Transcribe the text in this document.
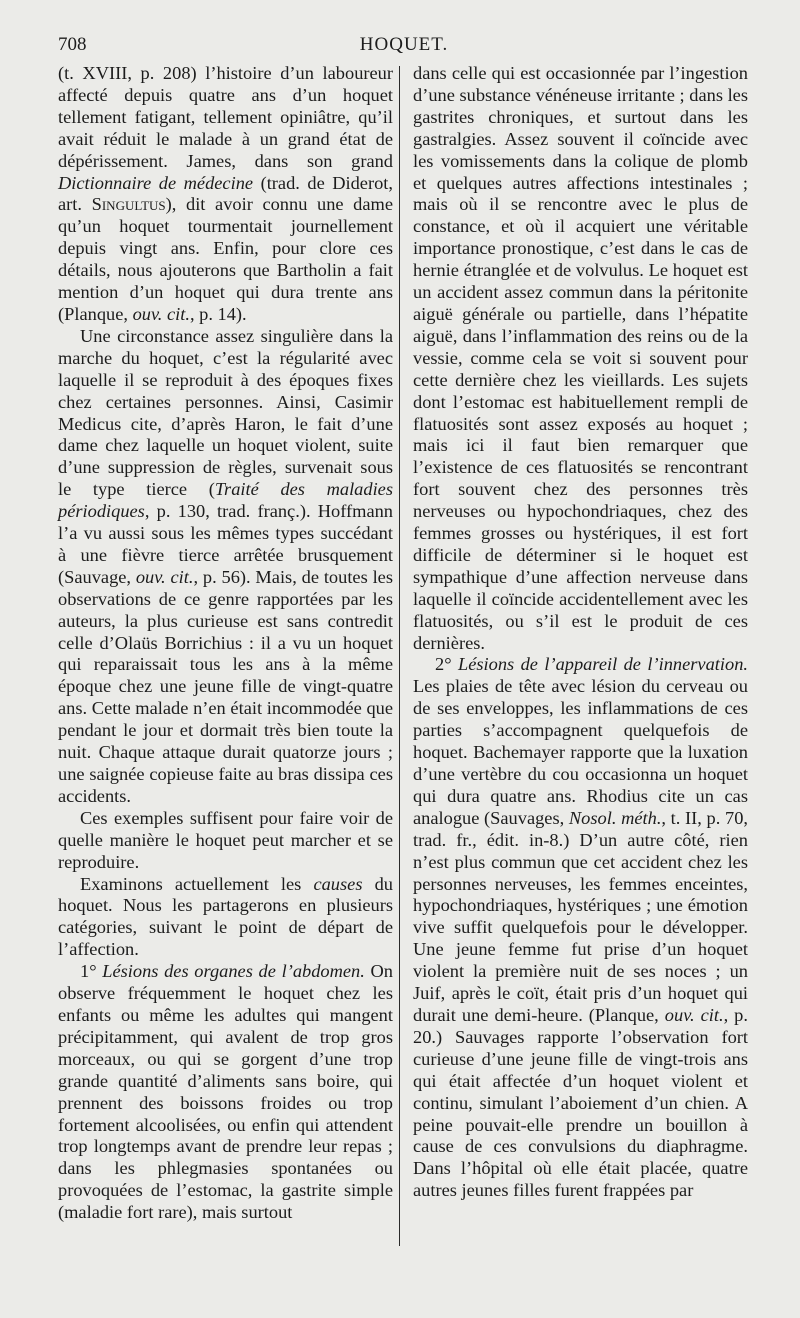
708	HOQUET.

(t. XVIII, p. 208) l’histoire d’un laboureur affecté depuis quatre ans d’un hoquet tellement fatigant, tellement opiniâtre, qu’il avait réduit le malade à un grand état de dépérissement. James, dans son grand Dictionnaire de médecine (trad. de Diderot, art. Singultus), dit avoir connu une dame qu’un hoquet tourmentait journellement depuis vingt ans. Enfin, pour clore ces détails, nous ajouterons que Bartholin a fait mention d’un hoquet qui dura trente ans (Planque, ouv. cit., p. 14).

Une circonstance assez singulière dans la marche du hoquet, c’est la régularité avec laquelle il se reproduit à des époques fixes chez certaines personnes. Ainsi, Casimir Medicus cite, d’après Haron, le fait d’une dame chez laquelle un hoquet violent, suite d’une suppression de règles, survenait sous le type tierce (Traité des maladies périodiques, p. 130, trad. franç.). Hoffmann l’a vu aussi sous les mêmes types succédant à une fièvre tierce arrêtée brusquement (Sauvage, ouv. cit., p. 56). Mais, de toutes les observations de ce genre rapportées par les auteurs, la plus curieuse est sans contredit celle d’Olaüs Borrichius : il a vu un hoquet qui reparaissait tous les ans à la même époque chez une jeune fille de vingt-quatre ans. Cette malade n’en était incommodée que pendant le jour et dormait très bien toute la nuit. Chaque attaque durait quatorze jours ; une saignée copieuse faite au bras dissipa ces accidents.

Ces exemples suffisent pour faire voir de quelle manière le hoquet peut marcher et se reproduire.

Examinons actuellement les causes du hoquet. Nous les partagerons en plusieurs catégories, suivant le point de départ de l’affection.

1° Lésions des organes de l’abdomen. On observe fréquemment le hoquet chez les enfants ou même les adultes qui mangent précipitamment, qui avalent de trop gros morceaux, ou qui se gorgent d’une trop grande quantité d’aliments sans boire, qui prennent des boissons froides ou trop fortement alcoolisées, ou enfin qui attendent trop longtemps avant de prendre leur repas ; dans les phlegmasies spontanées ou provoquées de l’estomac, la gastrite simple (maladie fort rare), mais surtout

dans celle qui est occasionnée par l’ingestion d’une substance vénéneuse irritante ; dans les gastrites chroniques, et surtout dans les gastralgies. Assez souvent il coïncide avec les vomissements dans la colique de plomb et quelques autres affections intestinales ; mais où il se rencontre avec le plus de constance, et où il acquiert une véritable importance pronostique, c’est dans le cas de hernie étranglée et de volvulus. Le hoquet est un accident assez commun dans la péritonite aiguë générale ou partielle, dans l’hépatite aiguë, dans l’inflammation des reins ou de la vessie, comme cela se voit si souvent pour cette dernière chez les vieillards. Les sujets dont l’estomac est habituellement rempli de flatuosités sont assez exposés au hoquet ; mais ici il faut bien remarquer que l’existence de ces flatuosités se rencontrant fort souvent chez des personnes très nerveuses ou hypochondriaques, chez des femmes grosses ou hystériques, il est fort difficile de déterminer si le hoquet est sympathique d’une affection nerveuse dans laquelle il coïncide accidentellement avec les flatuosités, ou s’il est le produit de ces dernières.

2° Lésions de l’appareil de l’innervation. Les plaies de tête avec lésion du cerveau ou de ses enveloppes, les inflammations de ces parties s’accompagnent quelquefois de hoquet. Bachemayer rapporte que la luxation d’une vertèbre du cou occasionna un hoquet qui dura quatre ans. Rhodius cite un cas analogue (Sauvages, Nosol. méth., t. II, p. 70, trad. fr., édit. in-8.) D’un autre côté, rien n’est plus commun que cet accident chez les personnes nerveuses, les femmes enceintes, hypochondriaques, hystériques ; une émotion vive suffit quelquefois pour le développer. Une jeune femme fut prise d’un hoquet violent la première nuit de ses noces ; un Juif, après le coït, était pris d’un hoquet qui durait une demi-heure. (Planque, ouv. cit., p. 20.) Sauvages rapporte l’observation fort curieuse d’une jeune fille de vingt-trois ans qui était affectée d’un hoquet violent et continu, simulant l’aboiement d’un chien. A peine pouvait-elle prendre un bouillon à cause de ces convulsions du diaphragme. Dans l’hôpital où elle était placée, quatre autres jeunes filles furent frappées par
